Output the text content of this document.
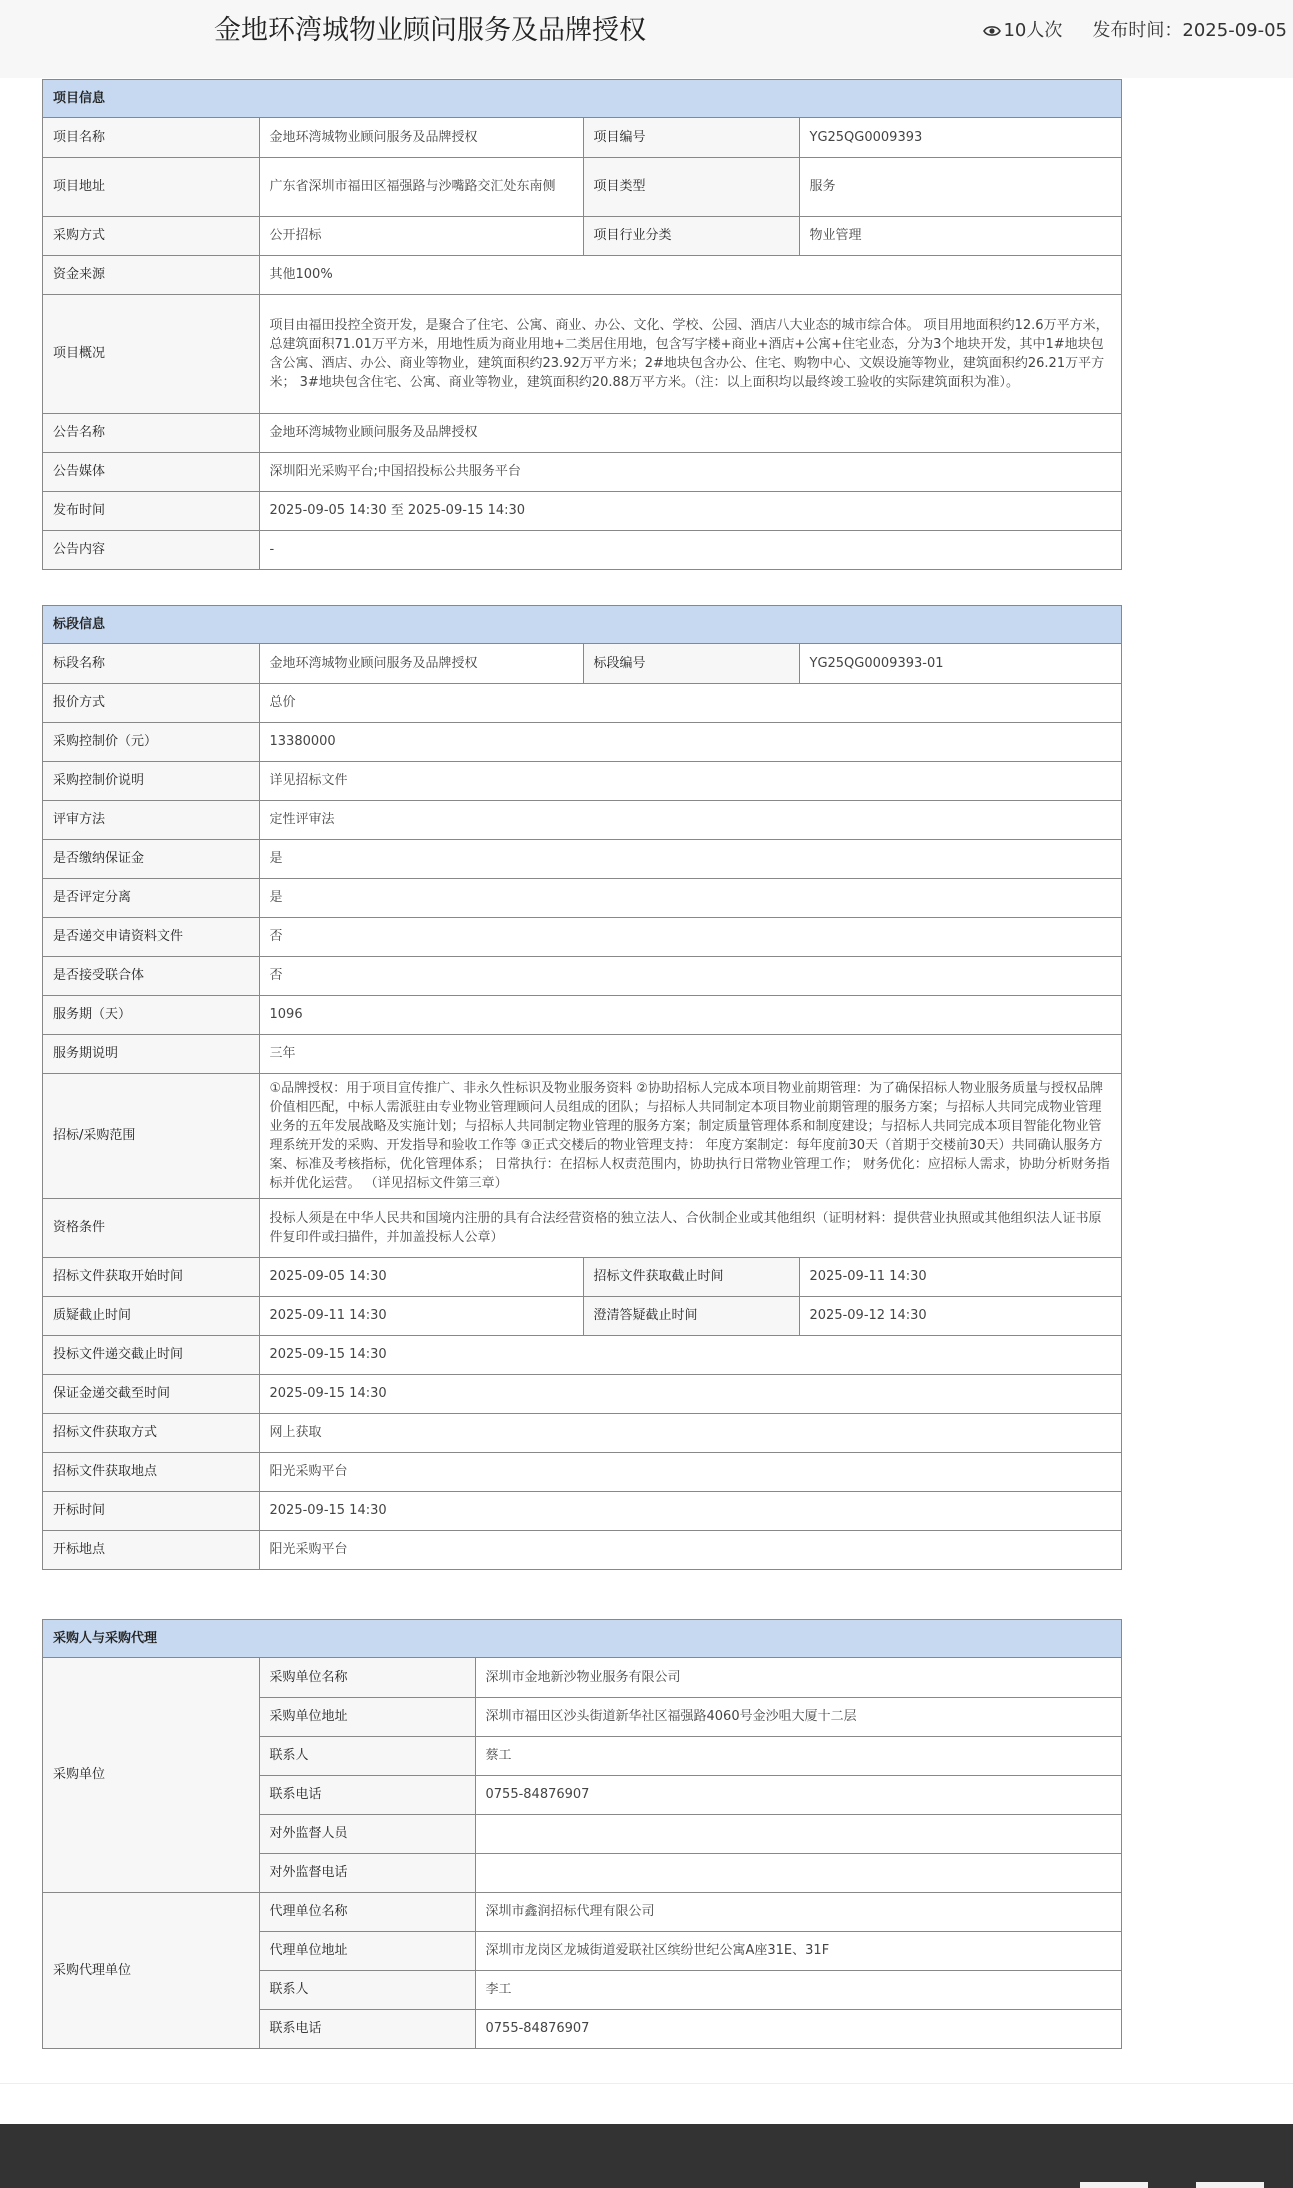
金地环湾城物业顾问服务及品牌授权	10人次 发布时间：2025-09-05
项目信息
项目名称	金地环湾城物业顾问服务及品牌授权	项目编号	YG25QG0009393
项目地址	广东省深圳市福田区福强路与沙嘴路交汇处东南侧	项目类型	服务
采购方式	公开招标	项目行业分类	物业管理
资金来源	其他100%		
项目概况	项目由福田投控全资开发，是聚合了住宅、公寓、商业、办公、文化、学校、公园、酒店八大业态的城市综合体。 项目用地面积约12.6万平方米，总建筑面积71.01万平方米，用地性质为商业用地+二类居住用地，包含写字楼+商业+酒店+公寓+住宅业态，分为3个地块开发，其中1#地块包含公寓、酒店、办公、商业等物业，建筑面积约23.92万平方米；2#地块包含办公、住宅、购物中心、文娱设施等物业，建筑面积约26.21万平方米； 3#地块包含住宅、公寓、商业等物业，建筑面积约20.88万平方米。（注：以上面积均以最终竣工验收的实际建筑面积为准）。		
公告名称	金地环湾城物业顾问服务及品牌授权		
公告媒体	深圳阳光采购平台;中国招投标公共服务平台		
发布时间	2025-09-05 14:30 至 2025-09-15 14:30		
公告内容	-		
标段信息
标段名称	金地环湾城物业顾问服务及品牌授权	标段编号	YG25QG0009393-01
报价方式	总价		
采购控制价（元）	13380000		
采购控制价说明	详见招标文件		
评审方法	定性评审法		
是否缴纳保证金	是		
是否评定分离	是		
是否递交申请资料文件	否		
是否接受联合体	否		
服务期（天）	1096		
服务期说明	三年		
招标/采购范围	①品牌授权：用于项目宣传推广、非永久性标识及物业服务资料 ②协助招标人完成本项目物业前期管理：为了确保招标人物业服务质量与授权品牌价值相匹配，中标人需派驻由专业物业管理顾问人员组成的团队；与招标人共同制定本项目物业前期管理的服务方案；与招标人共同完成物业管理业务的五年发展战略及实施计划；与招标人共同制定物业管理的服务方案；制定质量管理体系和制度建设；与招标人共同完成本项目智能化物业管理系统开发的采购、开发指导和验收工作等 ③正式交楼后的物业管理支持： 年度方案制定：每年度前30天（首期于交楼前30天）共同确认服务方案、标准及考核指标，优化管理体系； 日常执行：在招标人权责范围内，协助执行日常物业管理工作； 财务优化：应招标人需求，协助分析财务指标并优化运营。 （详见招标文件第三章）		
资格条件	投标人须是在中华人民共和国境内注册的具有合法经营资格的独立法人、合伙制企业或其他组织（证明材料：提供营业执照或其他组织法人证书原件复印件或扫描件，并加盖投标人公章）		
招标文件获取开始时间	2025-09-05 14:30	招标文件获取截止时间	2025-09-11 14:30
质疑截止时间	2025-09-11 14:30	澄清答疑截止时间	2025-09-12 14:30
投标文件递交截止时间	2025-09-15 14:30		
保证金递交截至时间	2025-09-15 14:30		
招标文件获取方式	网上获取		
招标文件获取地点	阳光采购平台		
开标时间	2025-09-15 14:30		
开标地点	阳光采购平台		
采购人与采购代理
采购单位	采购单位名称	深圳市金地新沙物业服务有限公司
	采购单位地址	深圳市福田区沙头街道新华社区福强路4060号金沙咀大厦十二层
	联系人	蔡工
	联系电话	0755-84876907
	对外监督人员	
	对外监督电话	
采购代理单位	代理单位名称	深圳市鑫润招标代理有限公司
	代理单位地址	深圳市龙岗区龙城街道爱联社区缤纷世纪公寓A座31E、31F
	联系人	李工
	联系电话	0755-84876907
